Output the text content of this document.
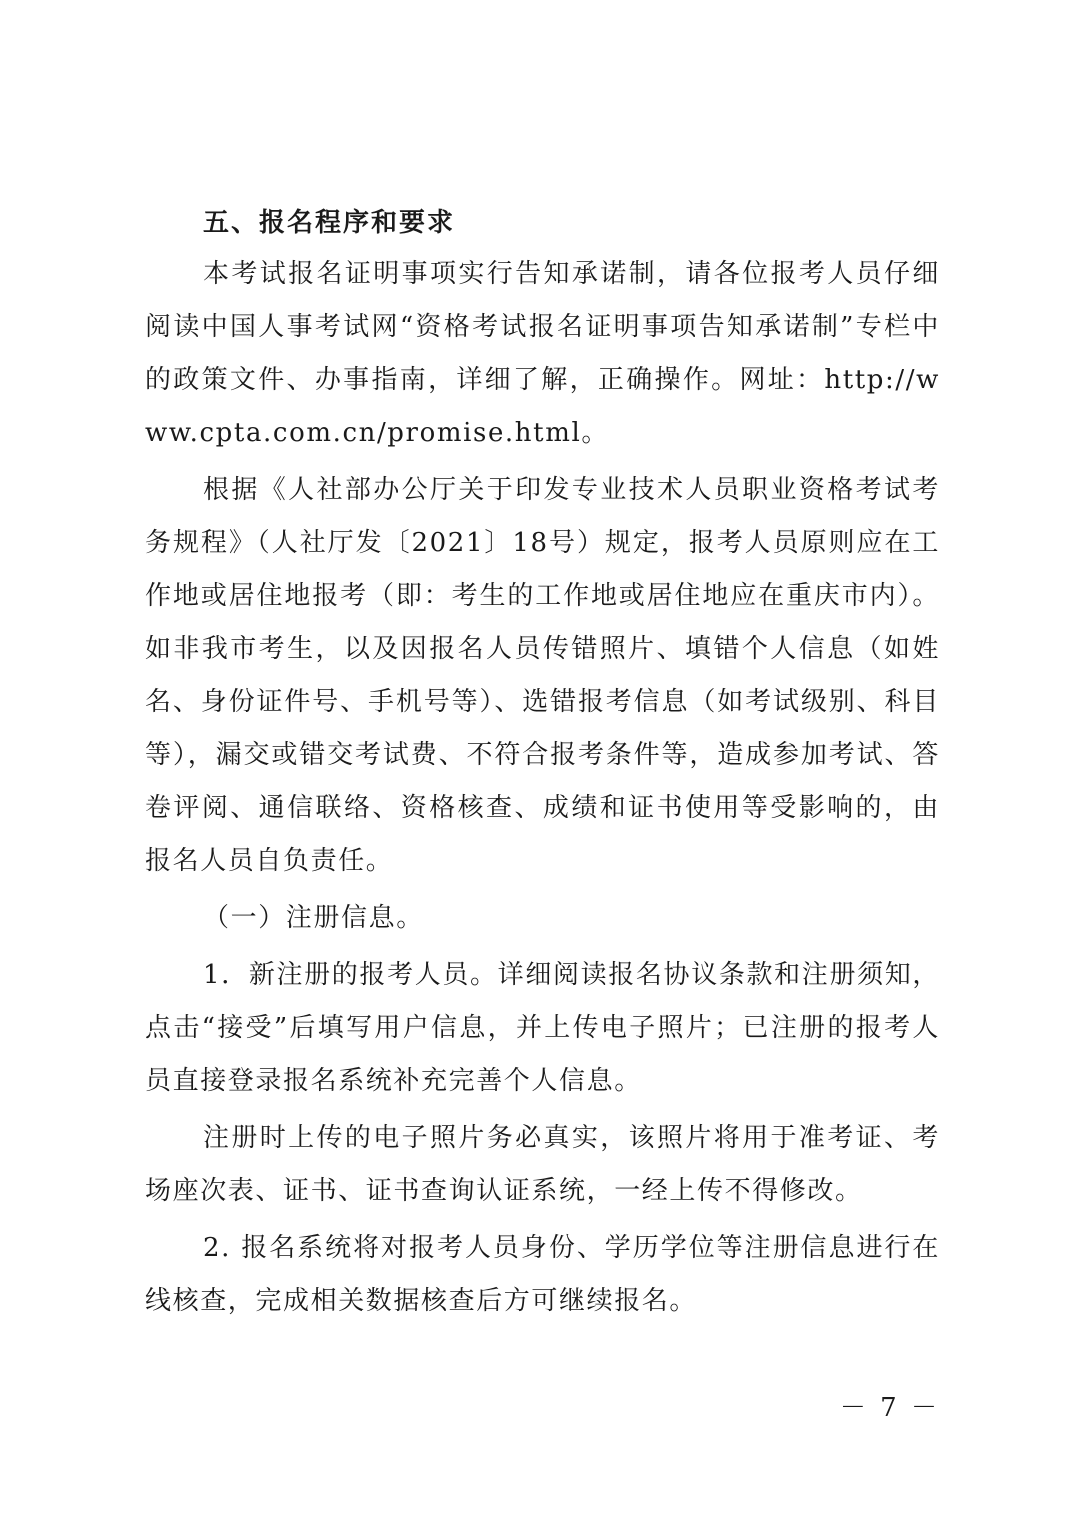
五、报名程序和要求

本考试报名证明事项实行告知承诺制，请各位报考人员仔细阅读中国人事考试网“资格考试报名证明事项告知承诺制”专栏中的政策文件、办事指南，详细了解，正确操作。网址：http://www.cpta.com.cn/promise.html。

根据《人社部办公厅关于印发专业技术人员职业资格考试考务规程》（人社厅发〔2021〕18号）规定，报考人员原则应在工作地或居住地报考（即：考生的工作地或居住地应在重庆市内）。如非我市考生，以及因报名人员传错照片、填错个人信息（如姓名、身份证件号、手机号等）、选错报考信息（如考试级别、科目等），漏交或错交考试费、不符合报考条件等，造成参加考试、答卷评阅、通信联络、资格核查、成绩和证书使用等受影响的，由报名人员自负责任。

（一）注册信息。

1．新注册的报考人员。详细阅读报名协议条款和注册须知，点击“接受”后填写用户信息，并上传电子照片；已注册的报考人员直接登录报名系统补充完善个人信息。

注册时上传的电子照片务必真实，该照片将用于准考证、考场座次表、证书、证书查询认证系统，一经上传不得修改。

2. 报名系统将对报考人员身份、学历学位等注册信息进行在线核查，完成相关数据核查后方可继续报名。

－ 7 －
